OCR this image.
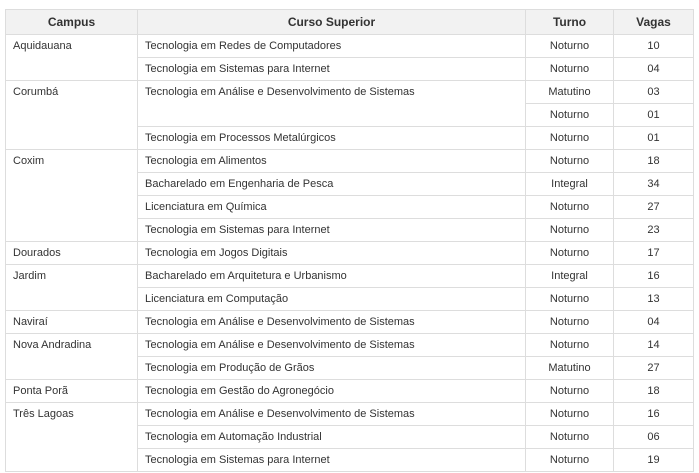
Campus	Curso Superior	Turno	Vagas
Aquidauana	Tecnologia em Redes de Computadores	Noturno	10
	Tecnologia em Sistemas para Internet	Noturno	04
Corumbá	Tecnologia em Análise e Desenvolvimento de Sistemas	Matutino	03
		Noturno	01
	Tecnologia em Processos Metalúrgicos	Noturno	01
Coxim	Tecnologia em Alimentos	Noturno	18
	Bacharelado em Engenharia de Pesca	Integral	34
	Licenciatura em Química	Noturno	27
	Tecnologia em Sistemas para Internet	Noturno	23
Dourados	Tecnologia em Jogos Digitais	Noturno	17
Jardim	Bacharelado em Arquitetura e Urbanismo	Integral	16
	Licenciatura em Computação	Noturno	13
Naviraí	Tecnologia em Análise e Desenvolvimento de Sistemas	Noturno	04
Nova Andradina	Tecnologia em Análise e Desenvolvimento de Sistemas	Noturno	14
	Tecnologia em Produção de Grãos	Matutino	27
Ponta Porã	Tecnologia em Gestão do Agronegócio	Noturno	18
Três Lagoas	Tecnologia em Análise e Desenvolvimento de Sistemas	Noturno	16
	Tecnologia em Automação Industrial	Noturno	06
	Tecnologia em Sistemas para Internet	Noturno	19
